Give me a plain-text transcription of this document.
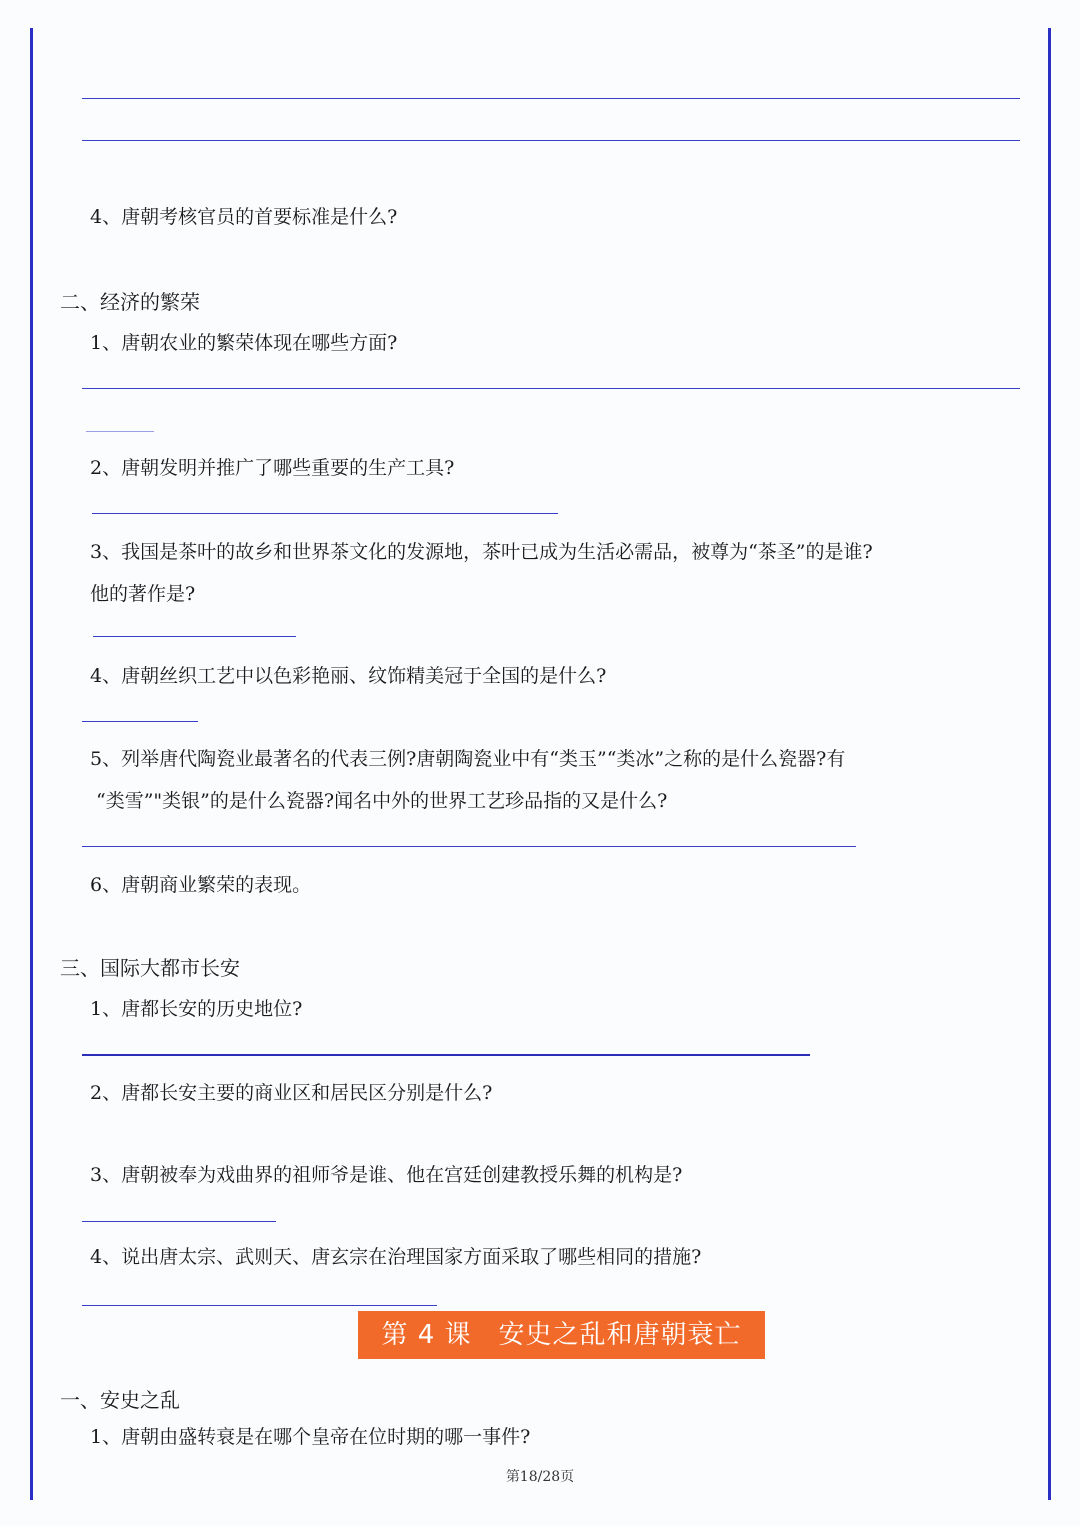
4、唐朝考核官员的首要标准是什么?
二、经济的繁荣
1、唐朝农业的繁荣体现在哪些方面?
2、唐朝发明并推广了哪些重要的生产工具?
3、我国是茶叶的故乡和世界茶文化的发源地，茶叶已成为生活必需品，被尊为“茶圣”的是谁?
他的著作是?
4、唐朝丝织工艺中以色彩艳丽、纹饰精美冠于全国的是什么?
5、列举唐代陶瓷业最著名的代表三例?唐朝陶瓷业中有“类玉”“类冰”之称的是什么瓷器?有
“类雪”"类银”的是什么瓷器?闻名中外的世界工艺珍品指的又是什么?
6、唐朝商业繁荣的表现。
三、国际大都市长安
1、唐都长安的历史地位?
2、唐都长安主要的商业区和居民区分别是什么?
3、唐朝被奉为戏曲界的祖师爷是谁、他在宫廷创建教授乐舞的机构是?
4、说出唐太宗、武则天、唐玄宗在治理国家方面采取了哪些相同的措施?
第 4 课　安史之乱和唐朝衰亡
一、安史之乱
1、唐朝由盛转衰是在哪个皇帝在位时期的哪一事件?
第18/28页
